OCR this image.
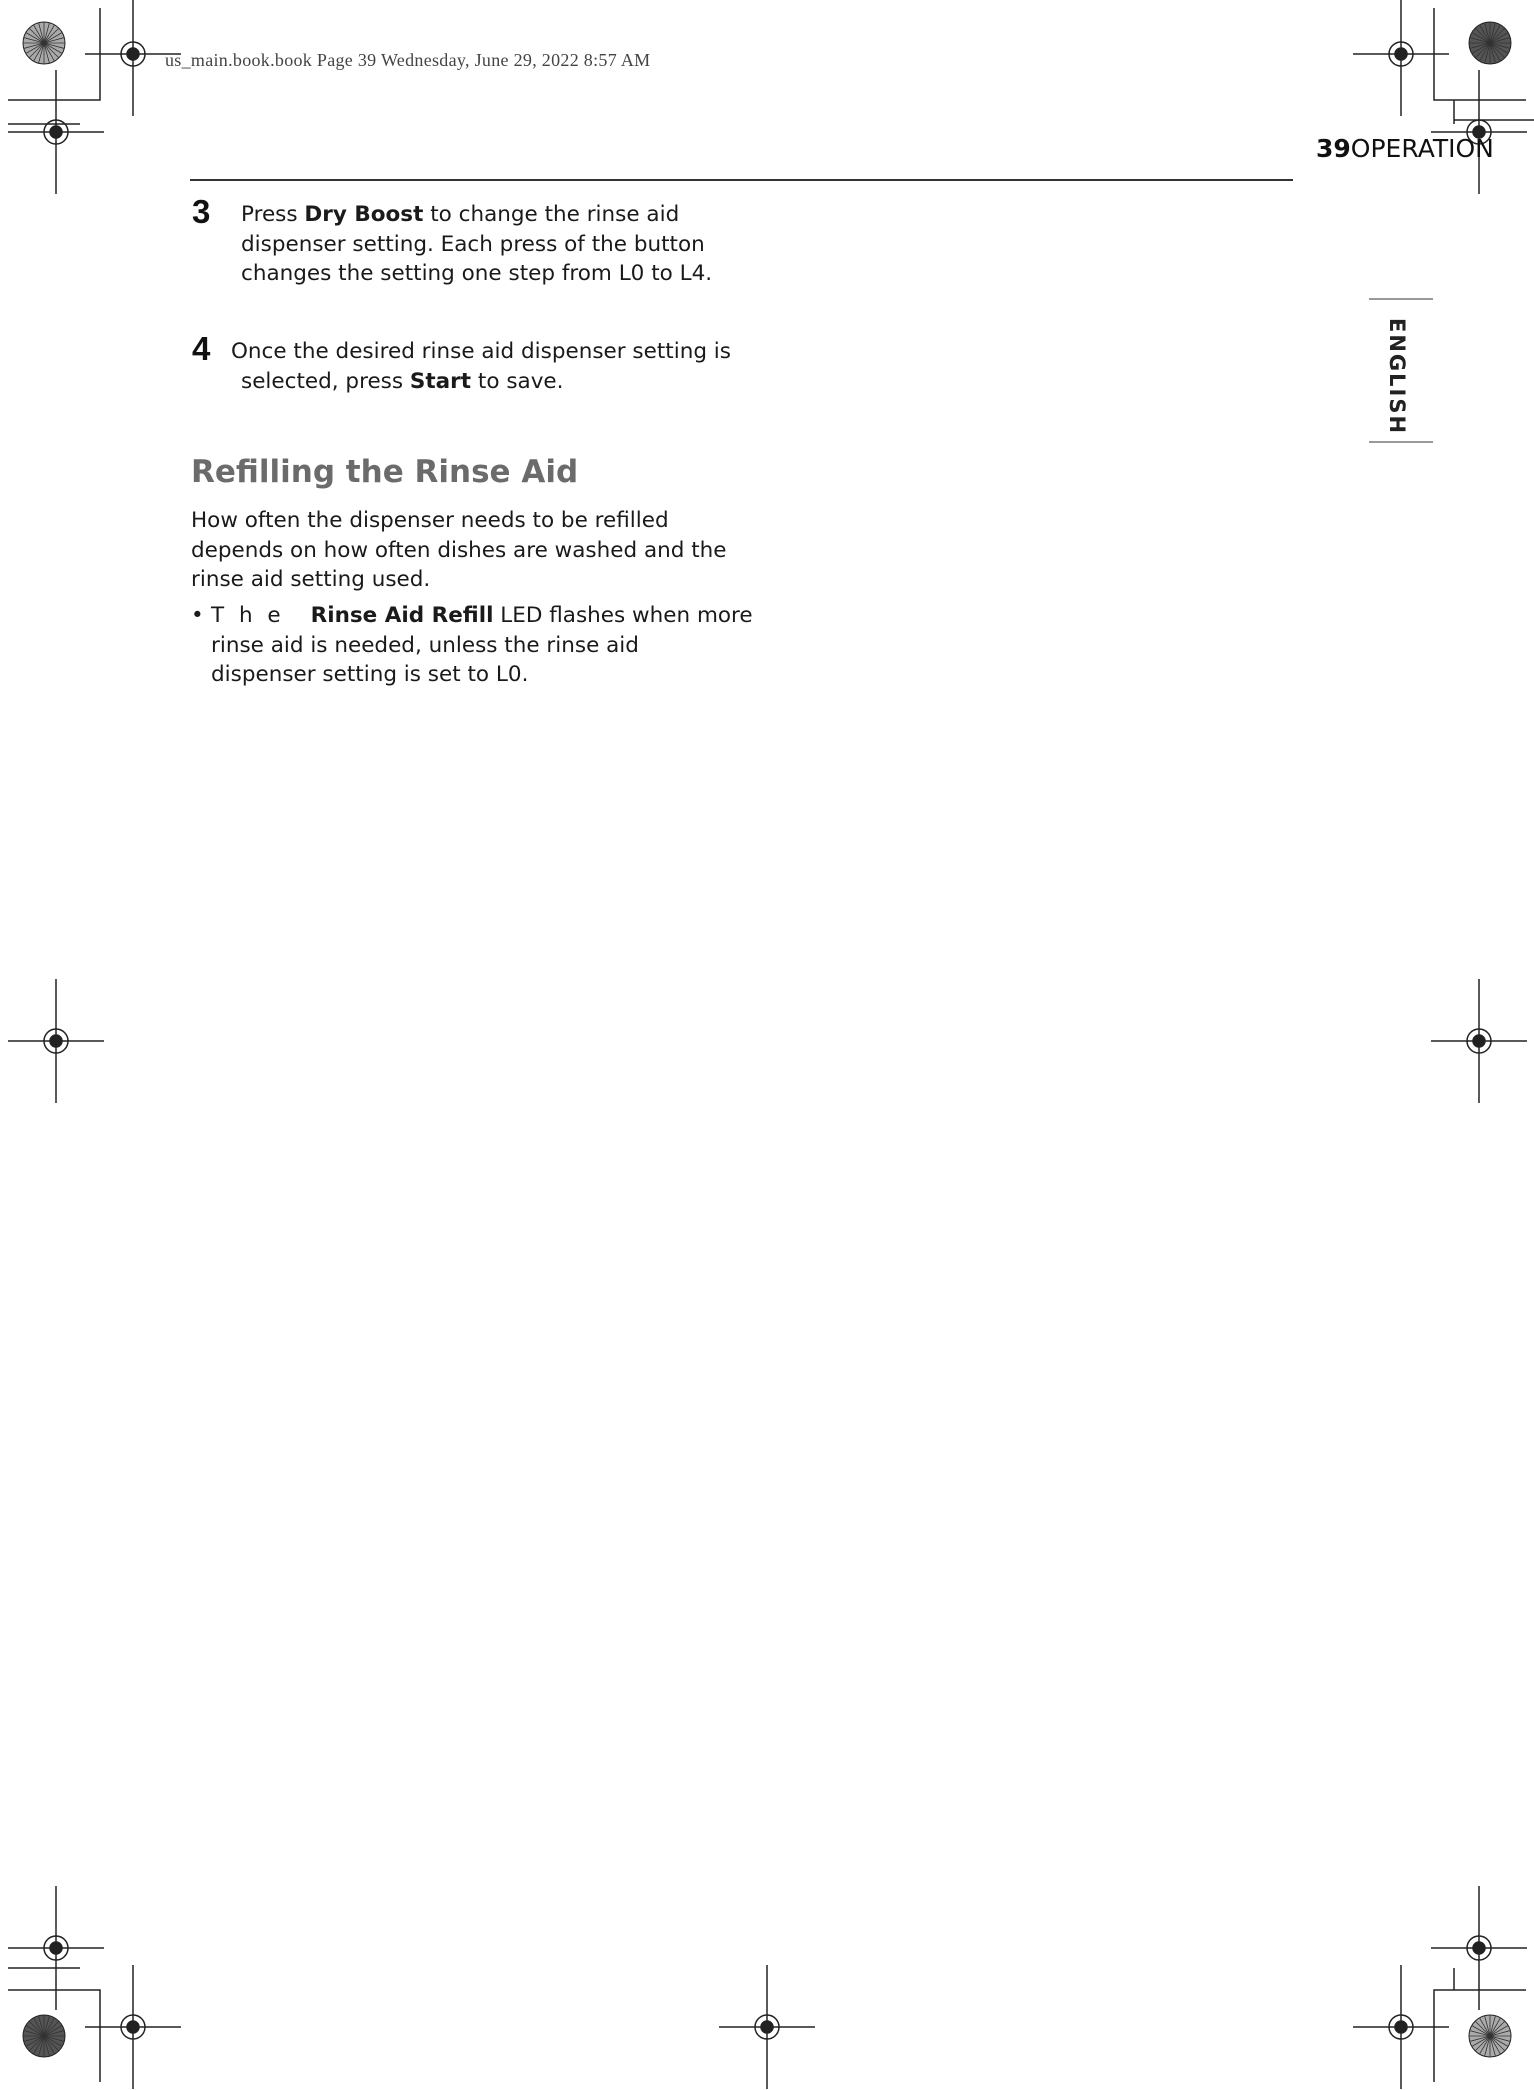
us_main.book.book Page 39 Wednesday, June 29, 2022 8:57 AM
39OPERATION
ENGLISH
3 Press Dry Boost to change the rinse aid
dispenser setting. Each press of the button
changes the setting one step from L0 to L4.
4 Once the desired rinse aid dispenser setting is
selected, press Start to save.
Refilling the Rinse Aid
How often the dispenser needs to be refilled
depends on how often dishes are washed and the
rinse aid setting used.
• T h e Rinse Aid Refill LED flashes when more
rinse aid is needed, unless the rinse aid
dispenser setting is set to L0.
